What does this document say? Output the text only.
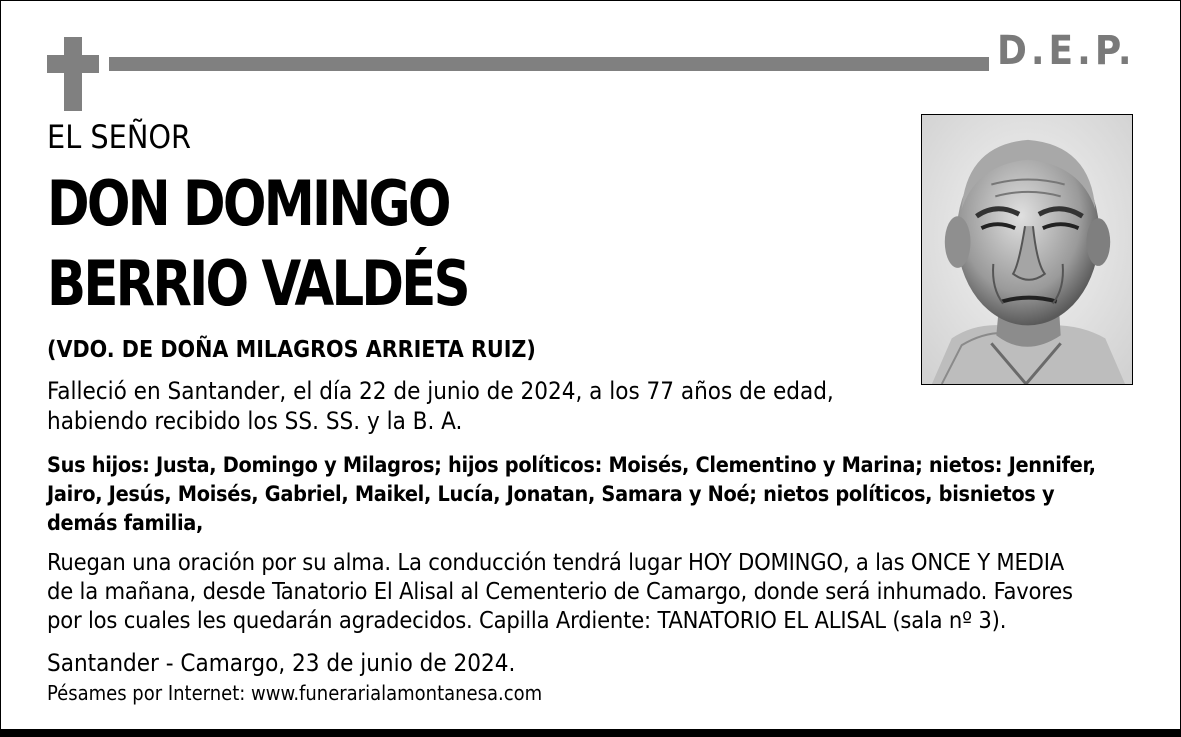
D.E.P.
EL SEÑOR
DON DOMINGO
BERRIO VALDÉS
(VDO. DE DOÑA MILAGROS ARRIETA RUIZ)
Falleció en Santander, el día 22 de junio de 2024, a los 77 años de edad,
habiendo recibido los SS. SS. y la B. A.
Sus hijos: Justa, Domingo y Milagros; hijos políticos: Moisés, Clementino y Marina; nietos: Jennifer,
Jairo, Jesús, Moisés, Gabriel, Maikel, Lucía, Jonatan, Samara y Noé; nietos políticos, bisnietos y
demás familia,
Ruegan una oración por su alma. La conducción tendrá lugar HOY DOMINGO, a las ONCE Y MEDIA
de la mañana, desde Tanatorio El Alisal al Cementerio de Camargo, donde será inhumado. Favores
por los cuales les quedarán agradecidos. Capilla Ardiente: TANATORIO EL ALISAL (sala nº 3).
Santander - Camargo, 23 de junio de 2024.
Pésames por Internet: www.funerarialamontanesa.com
